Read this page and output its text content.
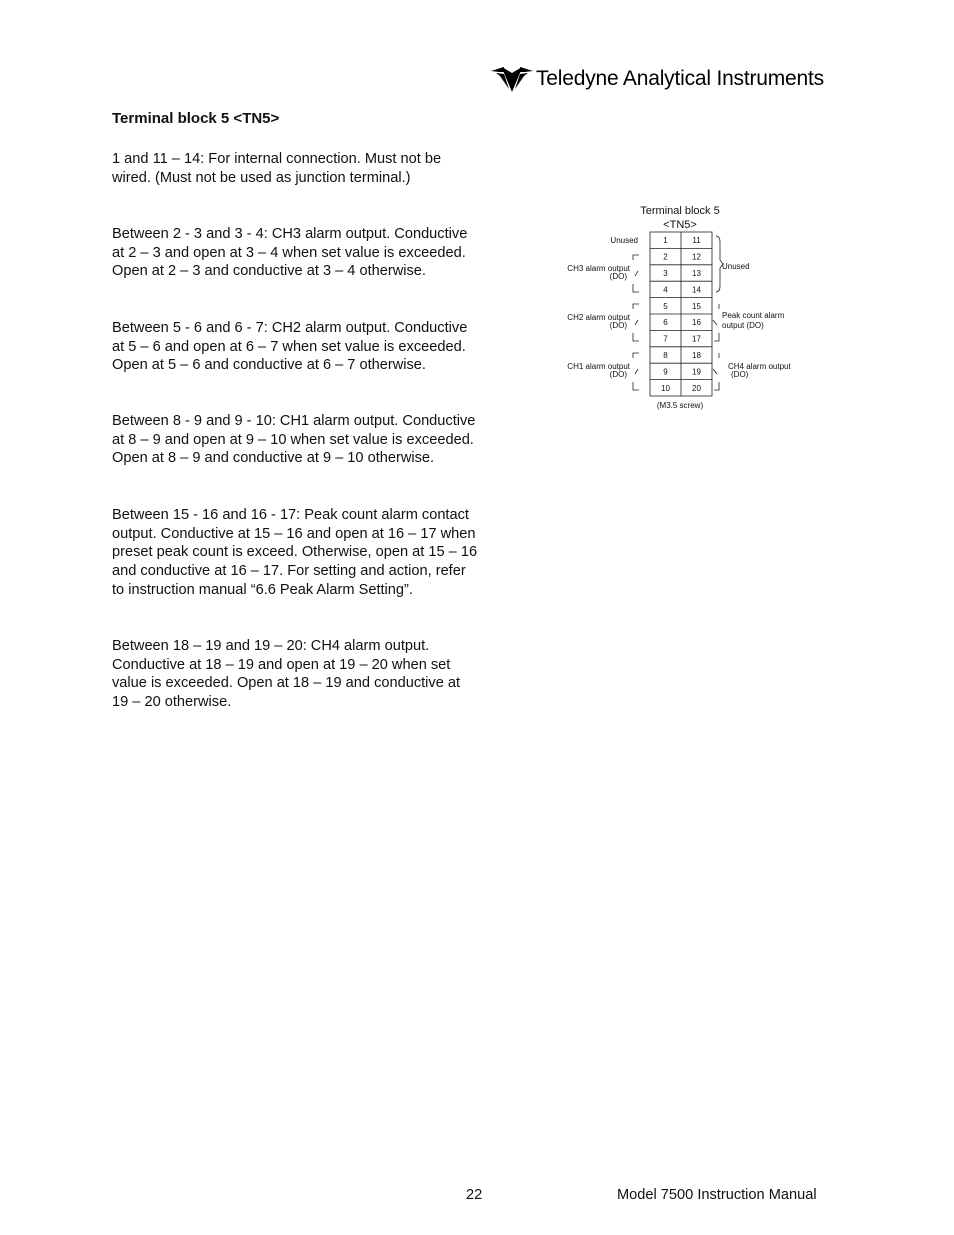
Teledyne Analytical Instruments
Terminal block 5 <TN5>
1 and 11 – 14: For internal connection. Must not be
wired. (Must not be used as junction terminal.)
Between 2 - 3 and 3 - 4: CH3 alarm output. Conductive
at 2 – 3 and open at 3 – 4 when set value is exceeded.
Open at 2 – 3 and conductive at 3 – 4 otherwise.
Between 5 - 6 and 6 - 7: CH2 alarm output. Conductive
at 5 – 6 and open at 6 – 7 when set value is exceeded.
Open at 5 – 6 and conductive at 6 – 7 otherwise.
Between 8 - 9 and 9 - 10: CH1 alarm output. Conductive
at 8 – 9 and open at 9 – 10 when set value is exceeded.
Open at 8 – 9 and conductive at 9 – 10 otherwise.
Between 15 - 16 and 16 - 17: Peak count alarm contact
output. Conductive at 15 – 16 and open at 16 – 17 when
preset peak count is exceed. Otherwise, open at 15 – 16
and conductive at 16 – 17. For setting and action, refer
to instruction manual “6.6 Peak Alarm Setting”.
Between 18 – 19 and 19 – 20: CH4 alarm output.
Conductive at 18 – 19 and open at 19 – 20 when set
value is exceeded. Open at 18 – 19 and conductive at
19 – 20 otherwise.
Terminal block 5
<TN5>
1
2
3
4
5
6
7
8
9
10
11
12
13
14
15
16
17
18
19
20
Unused
CH3 alarm output
(DO)
CH2 alarm output
(DO)
CH1 alarm output
(DO)
Unused
Peak count alarm
output (DO)
CH4 alarm output
(DO)
(M3.5 screw)
22	Model 7500 Instruction Manual
